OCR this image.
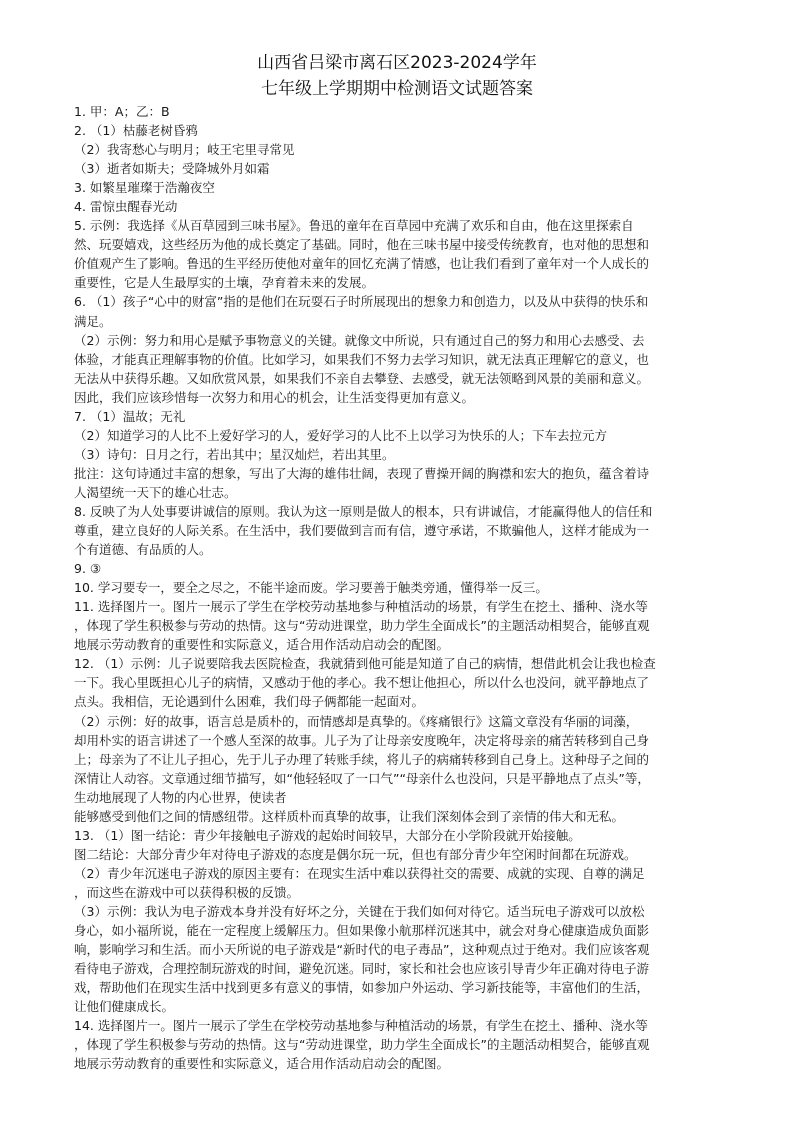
山西省吕梁市离石区2023-2024学年
七年级上学期期中检测语文试题答案
1. 甲：A；乙：B
2. （1）枯藤老树昏鸦
（2）我寄愁心与明月；岐王宅里寻常见
（3）逝者如斯夫；受降城外月如霜
3. 如繁星璀璨于浩瀚夜空
4. 雷惊虫醒春光动
5. 示例：我选择《从百草园到三味书屋》。鲁迅的童年在百草园中充满了欢乐和自由，他在这里探索自
然、玩耍嬉戏，这些经历为他的成长奠定了基础。同时，他在三味书屋中接受传统教育，也对他的思想和
价值观产生了影响。鲁迅的生平经历使他对童年的回忆充满了情感，也让我们看到了童年对一个人成长的
重要性，它是人生最厚实的土壤，孕育着未来的发展。
6. （1）孩子“心中的财富”指的是他们在玩耍石子时所展现出的想象力和创造力，以及从中获得的快乐和
满足。
（2）示例：努力和用心是赋予事物意义的关键。就像文中所说，只有通过自己的努力和用心去感受、去
体验，才能真正理解事物的价值。比如学习，如果我们不努力去学习知识，就无法真正理解它的意义，也
无法从中获得乐趣。又如欣赏风景，如果我们不亲自去攀登、去感受，就无法领略到风景的美丽和意义。
因此，我们应该珍惜每一次努力和用心的机会，让生活变得更加有意义。
7. （1）温故；无礼
（2）知道学习的人比不上爱好学习的人，爱好学习的人比不上以学习为快乐的人；下车去拉元方
（3）诗句：日月之行，若出其中；星汉灿烂，若出其里。
批注：这句诗通过丰富的想象，写出了大海的雄伟壮阔，表现了曹操开阔的胸襟和宏大的抱负，蕴含着诗
人渴望统一天下的雄心壮志。
8. 反映了为人处事要讲诚信的原则。我认为这一原则是做人的根本，只有讲诚信，才能赢得他人的信任和
尊重，建立良好的人际关系。在生活中，我们要做到言而有信，遵守承诺，不欺骗他人，这样才能成为一
个有道德、有品质的人。
9. ③
10. 学习要专一，要全之尽之，不能半途而废。学习要善于触类旁通，懂得举一反三。
11. 选择图片一。图片一展示了学生在学校劳动基地参与种植活动的场景，有学生在挖土、播种、浇水等
，体现了学生积极参与劳动的热情。这与“劳动进课堂，助力学生全面成长”的主题活动相契合，能够直观
地展示劳动教育的重要性和实际意义，适合用作活动启动会的配图。
12. （1）示例：儿子说要陪我去医院检查，我就猜到他可能是知道了自己的病情，想借此机会让我也检查
一下。我心里既担心儿子的病情，又感动于他的孝心。我不想让他担心，所以什么也没问，就平静地点了
点头。我相信，无论遇到什么困难，我们母子俩都能一起面对。
（2）示例：好的故事，语言总是质朴的，而情感却是真挚的。《疼痛银行》这篇文章没有华丽的词藻，
却用朴实的语言讲述了一个感人至深的故事。儿子为了让母亲安度晚年，决定将母亲的痛苦转移到自己身
上；母亲为了不让儿子担心，先于儿子办理了转账手续，将儿子的病痛转移到自己身上。这种母子之间的
深情让人动容。文章通过细节描写，如“他轻轻叹了一口气”“母亲什么也没问，只是平静地点了点头”等，
生动地展现了人物的内心世界，使读者
能够感受到他们之间的情感纽带。这样质朴而真挚的故事，让我们深刻体会到了亲情的伟大和无私。
13. （1）图一结论：青少年接触电子游戏的起始时间较早，大部分在小学阶段就开始接触。
图二结论：大部分青少年对待电子游戏的态度是偶尔玩一玩，但也有部分青少年空闲时间都在玩游戏。
（2）青少年沉迷电子游戏的原因主要有：在现实生活中难以获得社交的需要、成就的实现、自尊的满足
，而这些在游戏中可以获得积极的反馈。
（3）示例：我认为电子游戏本身并没有好坏之分，关键在于我们如何对待它。适当玩电子游戏可以放松
身心，如小福所说，能在一定程度上缓解压力。但如果像小航那样沉迷其中，就会对身心健康造成负面影
响，影响学习和生活。而小天所说的电子游戏是“新时代的电子毒品”，这种观点过于绝对。我们应该客观
看待电子游戏，合理控制玩游戏的时间，避免沉迷。同时，家长和社会也应该引导青少年正确对待电子游
戏，帮助他们在现实生活中找到更多有意义的事情，如参加户外运动、学习新技能等，丰富他们的生活，
让他们健康成长。
14. 选择图片一。图片一展示了学生在学校劳动基地参与种植活动的场景，有学生在挖土、播种、浇水等
，体现了学生积极参与劳动的热情。这与“劳动进课堂，助力学生全面成长”的主题活动相契合，能够直观
地展示劳动教育的重要性和实际意义，适合用作活动启动会的配图。
